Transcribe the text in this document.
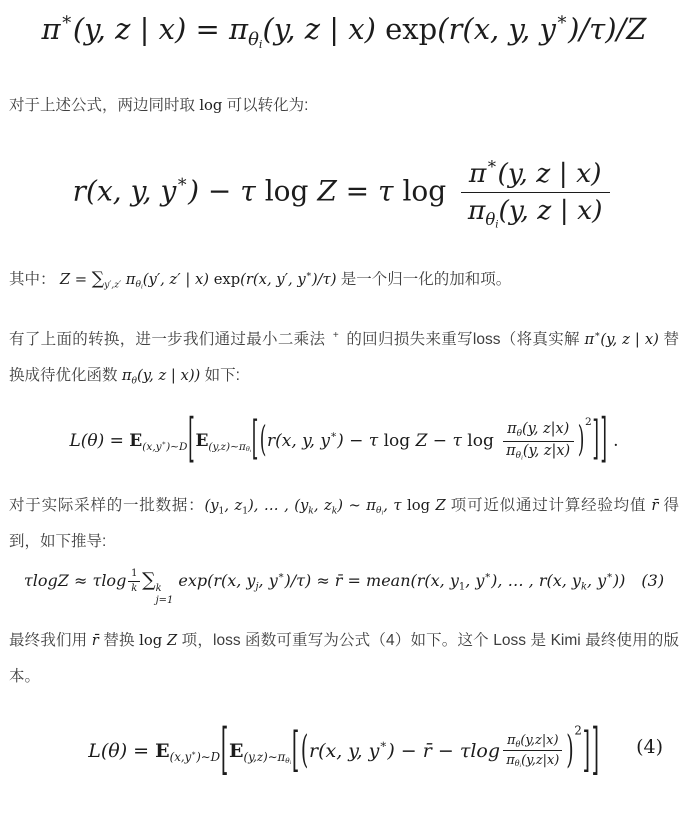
π∗(y, z | $x) = \pi_{\theta i}(y$, z | x) exp(r(x, y, y∗)/τ)/Z

对于上述公式，两边同时取 log 可以转化为:

r(x, y, y∗) − τ log Z = τ log
π∗(y, z | x)
$\pi_{\theta i}(y$, z | x)

其中： $Z = \sum_{y',z'}$ $\pi_{\theta i}(y'$, z′ | x) exp(r(x, y′, y∗)/τ) 是一个归一化的加和项。

有了上面的转换，进一步我们通过最小二乘法 + 的回归损失来重写loss（将真实解 π∗(y, z | x) 替换成待优化函数 $\pi_\theta(y$, z | x)) 如下:

$L(\theta) = E_{(x,y^∗)\sim D}[E_{(y,z)\sim\pi\theta i}[(r(x$, y, y∗) − τ log Z − τ log
$\pi_\theta(y$, z|x)
$\pi_{\theta i}(y$, z|x) )$^2$]] .

对于实际采样的一批数据：($y_1$, $z_1$), … , ($y_k$, $z_k$) ∼ $\pi_{\theta i}$, τ log Z 项可近似通过计算经验均值 r̄ 得到，如下推导:

τlogZ ≈ τlog $\frac{1}{k}$ ∑ k
j=1
exp(r(x, $y_j$, y∗)/τ) ≈ r̄ = mean(r(x, $y_1$, y∗), … , r(x, $y_k$, y∗)) (3)

最终我们用 r̄ 替换 log Z 项，loss 函数可重写为公式（4）如下。这个 Loss 是 Kimi 最终使用的版本。

$L(\theta) = E_{(x,y^∗)\sim D}[E_{(y,z)\sim\pi\theta i}[(r(x$, y, y∗) − r̄ − τlog $\pi_\theta(y,z|x)$
$\pi_{\theta i}(y,z|x)$ )$^2$]] (4)
